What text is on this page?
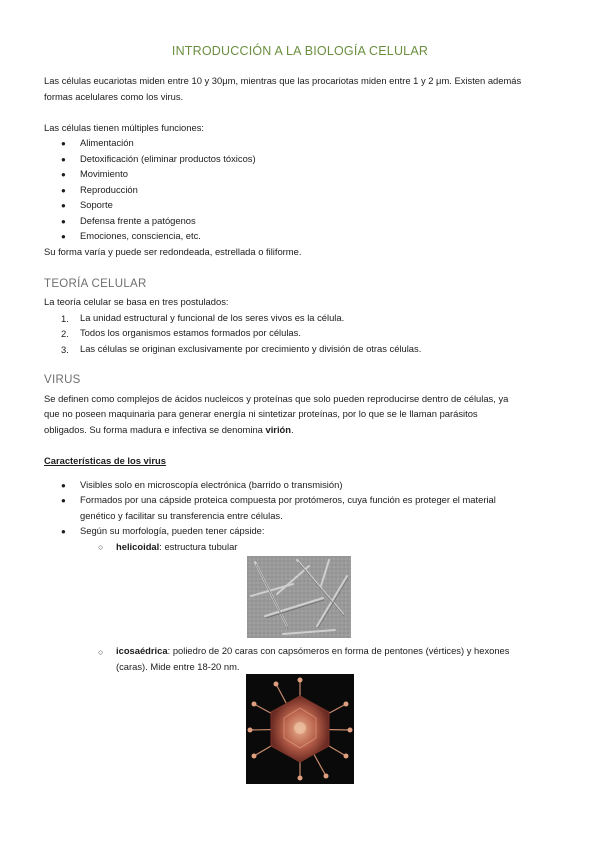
INTRODUCCIÓN A LA BIOLOGÍA CELULAR
Las células eucariotas miden entre 10 y 30μm, mientras que las procariotas miden entre 1 y 2 μm. Existen además
formas acelulares como los virus.
Las células tienen múltiples funciones:
● Alimentación
● Detoxificación (eliminar productos tóxicos)
● Movimiento
● Reproducción
● Soporte
● Defensa frente a patógenos
● Emociones, consciencia, etc.
Su forma varía y puede ser redondeada, estrellada o filiforme.
TEORÍA CELULAR
La teoría celular se basa en tres postulados:
1. La unidad estructural y funcional de los seres vivos es la célula.
2. Todos los organismos estamos formados por células.
3. Las células se originan exclusivamente por crecimiento y división de otras células.
VIRUS
Se definen como complejos de ácidos nucleicos y proteínas que solo pueden reproducirse dentro de células, ya
que no poseen maquinaria para generar energía ni sintetizar proteínas, por lo que se le llaman parásitos
obligados. Su forma madura e infectiva se denomina virión.
Características de los virus
● Visibles solo en microscopía electrónica (barrido o transmisión)
● Formados por una cápside proteica compuesta por protómeros, cuya función es proteger el material
genético y facilitar su transferencia entre células.
● Según su morfología, pueden tener cápside:
○ helicoidal: estructura tubular
○ icosaédrica: poliedro de 20 caras con capsómeros en forma de pentones (vértices) y hexones
(caras). Mide entre 18-20 nm.
